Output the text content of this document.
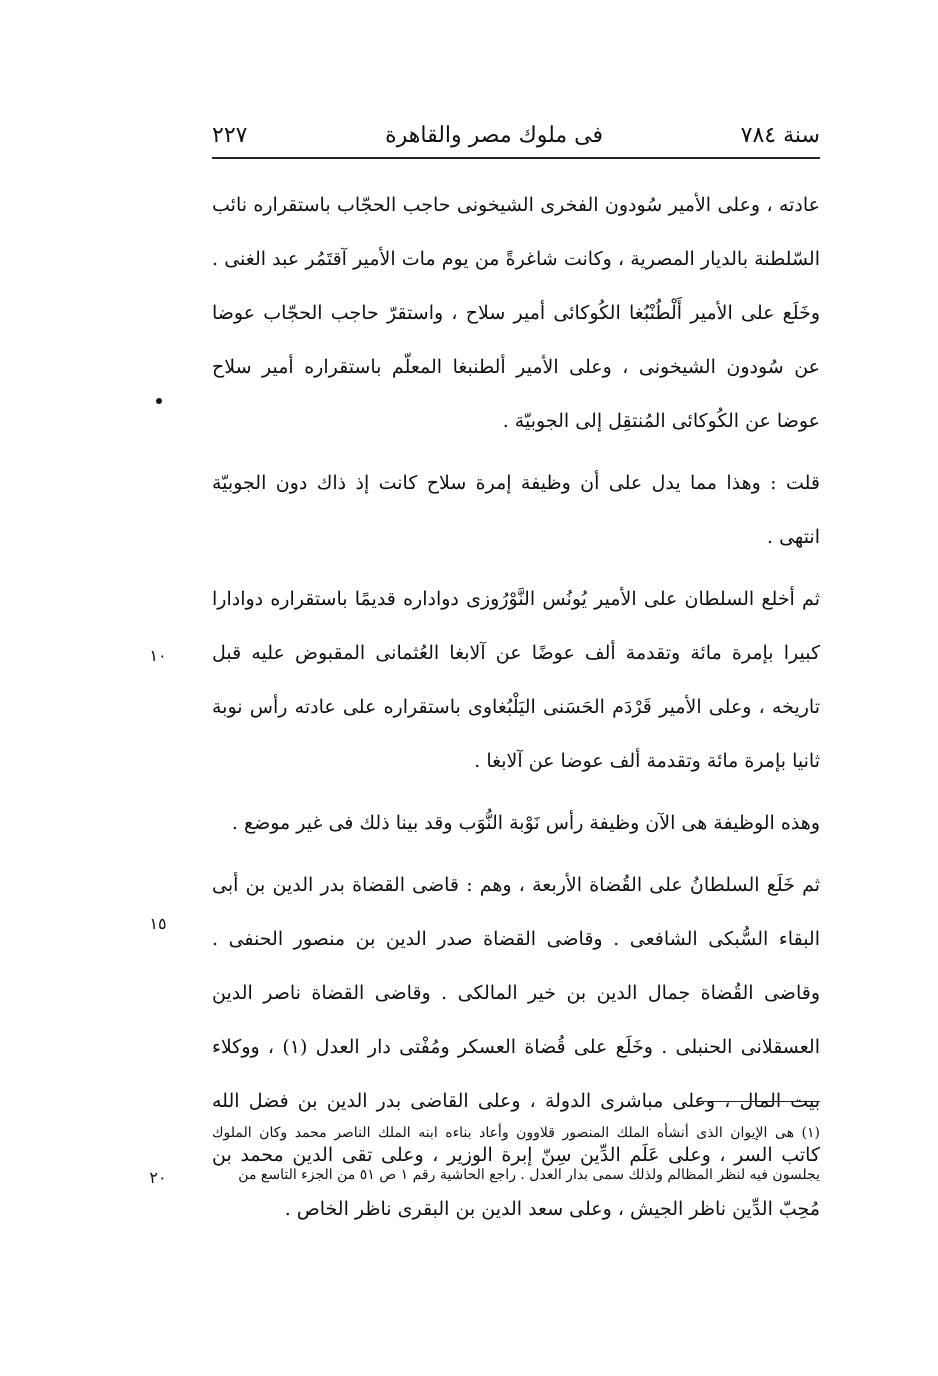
٢٢٧	فى ملوك مصر والقاهرة	سنة ٧٨٤
١٠
١٥
٢٠

عادته ، وعلى الأمير سُودون الفخرى الشيخونى حاجب الحجّاب باستقراره نائب السّلطنة بالديار المصرية ، وكانت شاغرةً من يوم مات الأمير آقتَمُر عبد الغنى . وخَلَع على الأمير أَلْطُنْبُغا الكُوكائى أمير سلاح ، واستقرّ حاجب الحجّاب عوضا عن سُودون الشيخونى ، وعلى الأمير ألطنبغا المعلّم باستقراره أمير سلاح عوضا عن الكُوكائى المُنتقِل إلى الجوبيّة .

قلت : وهذا مما يدل على أن وظيفة إمرة سلاح كانت إذ ذاك دون الجوبيّة انتهى .

ثم أخلع السلطان على الأمير يُونُس النَّوْرُوزى دواداره قديمًا باستقراره دوادارا كبيرا بإمرة مائة وتقدمة ألف عوضًا عن آلابغا العُثمانى المقبوض عليه قبل تاريخه ، وعلى الأمير قَرْدَم الحَسَنى اليَلْبُغاوى باستقراره على عادته رأس نوبة ثانيا بإمرة مائة وتقدمة ألف عوضا عن آلابغا .

وهذه الوظيفة هى الآن وظيفة رأس نَوْبة النُّوَب وقد بينا ذلك فى غير موضع .

ثم خَلَع السلطانُ على القُضاة الأربعة ، وهم : قاضى القضاة بدر الدين بن أبى البقاء السُّبكى الشافعى . وقاضى القضاة صدر الدين بن منصور الحنفى . وقاضى القُضاة جمال الدين بن خير المالكى . وقاضى القضاة ناصر الدين العسقلانى الحنبلى . وخَلَع على قُضاة العسكر ومُفْتى دار العدل (١) ، ووكلاء بيت المال ، وعلى مباشرى الدولة ، وعلى القاضى بدر الدين بن فضل الله كاتب السر ، وعلى عَلَم الدِّين سِنّ إبرة الوزير ، وعلى تقى الدين محمد بن مُحِبّ الدِّين ناظر الجيش ، وعلى سعد الدين بن البقرى ناظر الخاص .

(١) هى الإيوان الذى أنشأه الملك المنصور قلاوون وأعاد بناءه ابنه الملك الناصر محمد وكان الملوك يجلسون فيه لنظر المظالم ولذلك سمى بدار العدل . راجع الحاشية رقم ١ ص ٥١ من الجزء التاسع من
